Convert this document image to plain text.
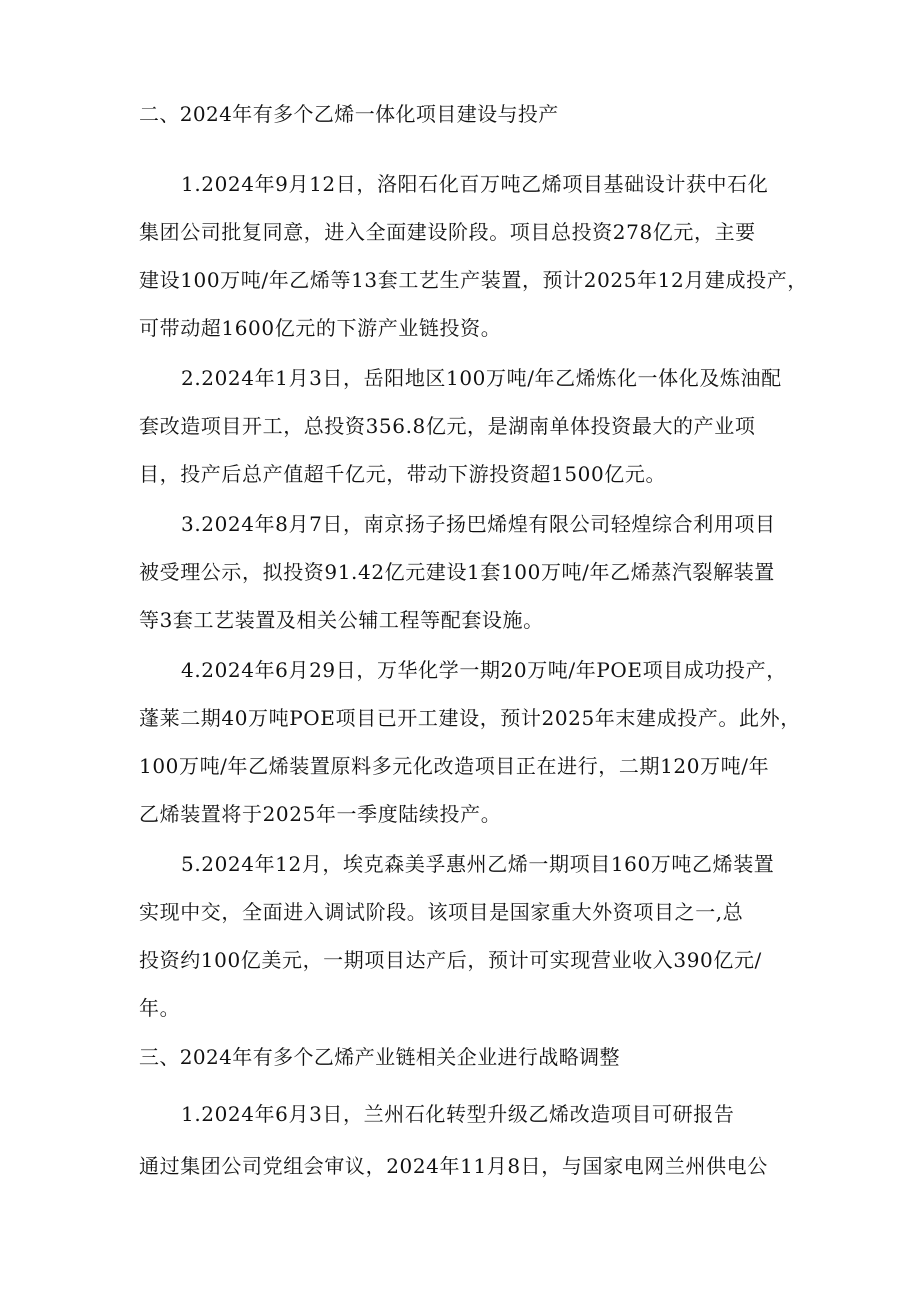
二、2024年有多个乙烯一体化项目建设与投产
1.2024年9月12日，洛阳石化百万吨乙烯项目基础设计获中石化
集团公司批复同意，进入全面建设阶段。项目总投资278亿元，主要
建设100万吨/年乙烯等13套工艺生产装置，预计2025年12月建成投产，
可带动超1600亿元的下游产业链投资。
2.2024年1月3日，岳阳地区100万吨/年乙烯炼化一体化及炼油配
套改造项目开工，总投资356.8亿元，是湖南单体投资最大的产业项
目，投产后总产值超千亿元，带动下游投资超1500亿元。
3.2024年8月7日，南京扬子扬巴烯煌有限公司轻煌综合利用项目
被受理公示，拟投资91.42亿元建设1套100万吨/年乙烯蒸汽裂解装置
等3套工艺装置及相关公辅工程等配套设施。
4.2024年6月29日，万华化学一期20万吨/年POE项目成功投产，
蓬莱二期40万吨POE项目已开工建设，预计2025年末建成投产。此外，
100万吨/年乙烯装置原料多元化改造项目正在进行，二期120万吨/年
乙烯装置将于2025年一季度陆续投产。
5.2024年12月，埃克森美孚惠州乙烯一期项目160万吨乙烯装置
实现中交，全面进入调试阶段。该项目是国家重大外资项目之一,总
投资约100亿美元，一期项目达产后，预计可实现营业收入390亿元/
年。
三、2024年有多个乙烯产业链相关企业进行战略调整
1.2024年6月3日，兰州石化转型升级乙烯改造项目可研报告
通过集团公司党组会审议，2024年11月8日，与国家电网兰州供电公
